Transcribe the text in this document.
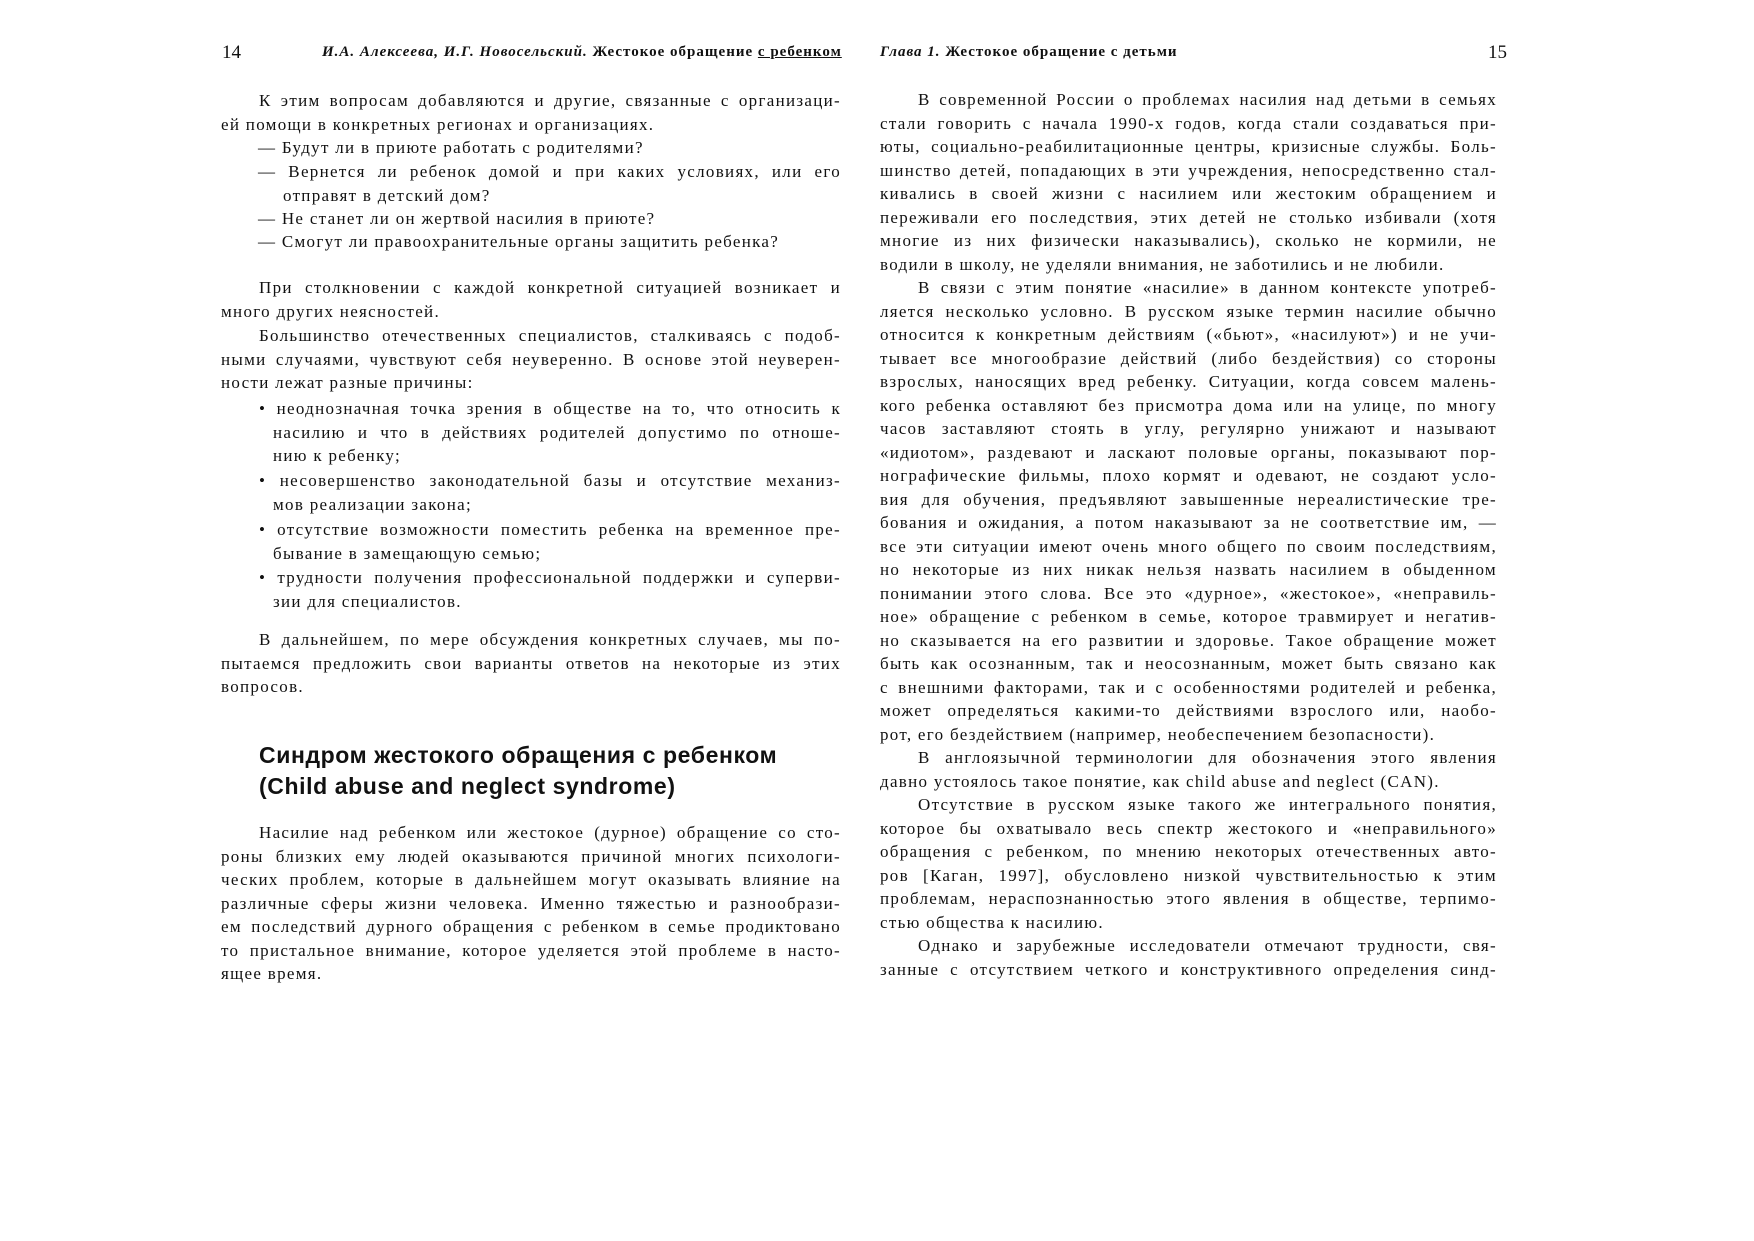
14	И.А. Алексеева, И.Г. Новосельский. Жестокое обращение с ребенком
К этим вопросам добавляются и другие, связанные с организаци-
ей помощи в конкретных регионах и организациях.
— Будут ли в приюте работать с родителями?
— Вернется ли ребенок домой и при каких условиях, или его
отправят в детский дом?
— Не станет ли он жертвой насилия в приюте?
— Смогут ли правоохранительные органы защитить ребенка?
При столкновении с каждой конкретной ситуацией возникает и
много других неясностей.
Большинство отечественных специалистов, сталкиваясь с подоб-
ными случаями, чувствуют себя неуверенно. В основе этой неуверен-
ности лежат разные причины:
• неоднозначная точка зрения в обществе на то, что относить к
насилию и что в действиях родителей допустимо по отноше-
нию к ребенку;
• несовершенство законодательной базы и отсутствие механиз-
мов реализации закона;
• отсутствие возможности поместить ребенка на временное пре-
бывание в замещающую семью;
• трудности получения профессиональной поддержки и суперви-
зии для специалистов.
В дальнейшем, по мере обсуждения конкретных случаев, мы по-
пытаемся предложить свои варианты ответов на некоторые из этих
вопросов.
Синдром жестокого обращения с ребенком
(Child abuse and neglect syndrome)
Насилие над ребенком или жестокое (дурное) обращение со сто-
роны близких ему людей оказываются причиной многих психологи-
ческих проблем, которые в дальнейшем могут оказывать влияние на
различные сферы жизни человека. Именно тяжестью и разнообрази-
ем последствий дурного обращения с ребенком в семье продиктовано
то пристальное внимание, которое уделяется этой проблеме в насто-
ящее время.
15
Глава 1. Жестокое обращение с детьми
В современной России о проблемах насилия над детьми в семьях
стали говорить с начала 1990-х годов, когда стали создаваться при-
юты, социально-реабилитационные центры, кризисные службы. Боль-
шинство детей, попадающих в эти учреждения, непосредственно стал-
кивались в своей жизни с насилием или жестоким обращением и
переживали его последствия, этих детей не столько избивали (хотя
многие из них физически наказывались), сколько не кормили, не
водили в школу, не уделяли внимания, не заботились и не любили.
В связи с этим понятие «насилие» в данном контексте употреб-
ляется несколько условно. В русском языке термин насилие обычно
относится к конкретным действиям («бьют», «насилуют») и не учи-
тывает все многообразие действий (либо бездействия) со стороны
взрослых, наносящих вред ребенку. Ситуации, когда совсем малень-
кого ребенка оставляют без присмотра дома или на улице, по многу
часов заставляют стоять в углу, регулярно унижают и называют
«идиотом», раздевают и ласкают половые органы, показывают пор-
нографические фильмы, плохо кормят и одевают, не создают усло-
вия для обучения, предъявляют завышенные нереалистические тре-
бования и ожидания, а потом наказывают за не соответствие им, —
все эти ситуации имеют очень много общего по своим последствиям,
но некоторые из них никак нельзя назвать насилием в обыденном
понимании этого слова. Все это «дурное», «жестокое», «неправиль-
ное» обращение с ребенком в семье, которое травмирует и негатив-
но сказывается на его развитии и здоровье. Такое обращение может
быть как осознанным, так и неосознанным, может быть связано как
с внешними факторами, так и с особенностями родителей и ребенка,
может определяться какими-то действиями взрослого или, наобо-
рот, его бездействием (например, необеспечением безопасности).
В англоязычной терминологии для обозначения этого явления
давно устоялось такое понятие, как child abuse and neglect (CAN).
Отсутствие в русском языке такого же интегрального понятия,
которое бы охватывало весь спектр жестокого и «неправильного»
обращения с ребенком, по мнению некоторых отечественных авто-
ров [Каган, 1997], обусловлено низкой чувствительностью к этим
проблемам, нераспознанностью этого явления в обществе, терпимо-
стью общества к насилию.
Однако и зарубежные исследователи отмечают трудности, свя-
занные с отсутствием четкого и конструктивного определения синд-
